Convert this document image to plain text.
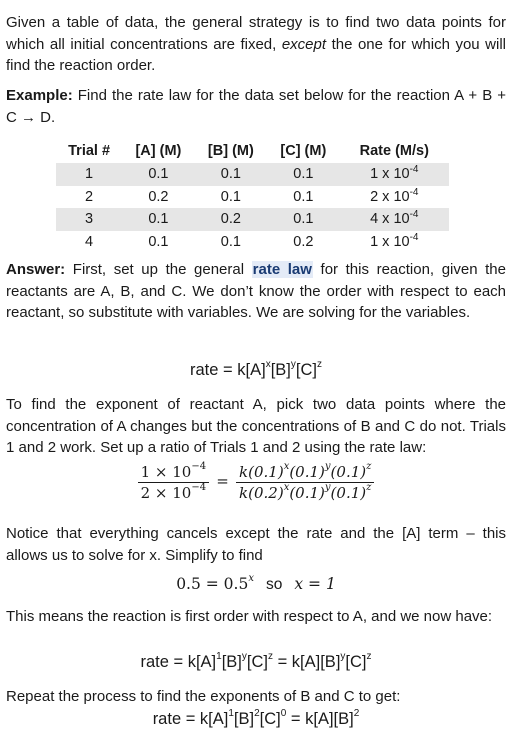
Given a table of data, the general strategy is to find two data points for which all initial concentrations are fixed, except the one for which you will find the reaction order.
Example: Find the rate law for the data set below for the reaction A + B + C → D.
Trial #	[A] (M)	[B] (M)	[C] (M)	Rate (M/s)
1	0.1	0.1	0.1	1 x $10^{-4}$
2	0.2	0.1	0.1	2 x $10^{-4}$
3	0.1	0.2	0.1	4 x $10^{-4}$
4	0.1	0.1	0.2	1 x $10^{-4}$
Answer: First, set up the general rate law for this reaction, given the reactants are A, B, and C. We don’t know the order with respect to each reactant, so substitute with variables. We are solving for the variables.
rate = $k[A]^x[B]^y[C]^z$
To find the exponent of reactant A, pick two data points where the concentration of A changes but the concentrations of B and C do not. Trials 1 and 2 work. Set up a ratio of Trials 1 and 2 using the rate law:
$\frac{1 \times 10^{-4}}{2 \times 10^{-4}} = \frac{k(0.1)^x(0.1)^y(0.1)^z}{k(0.2)^x(0.1)^y(0.1)^z}$
Notice that everything cancels except the rate and the [A] term – this allows us to solve for x. Simplify to find
$0.5 = 0.5^x$ so x = 1
This means the reaction is first order with respect to A, and we now have:
rate = $k[A]^1[B]^y[C]^z = k[A][B]^y[C]^z$
Repeat the process to find the exponents of B and C to get:
rate = $k[A]^1[B]^2[C]^0 = k[A][B]^2$
